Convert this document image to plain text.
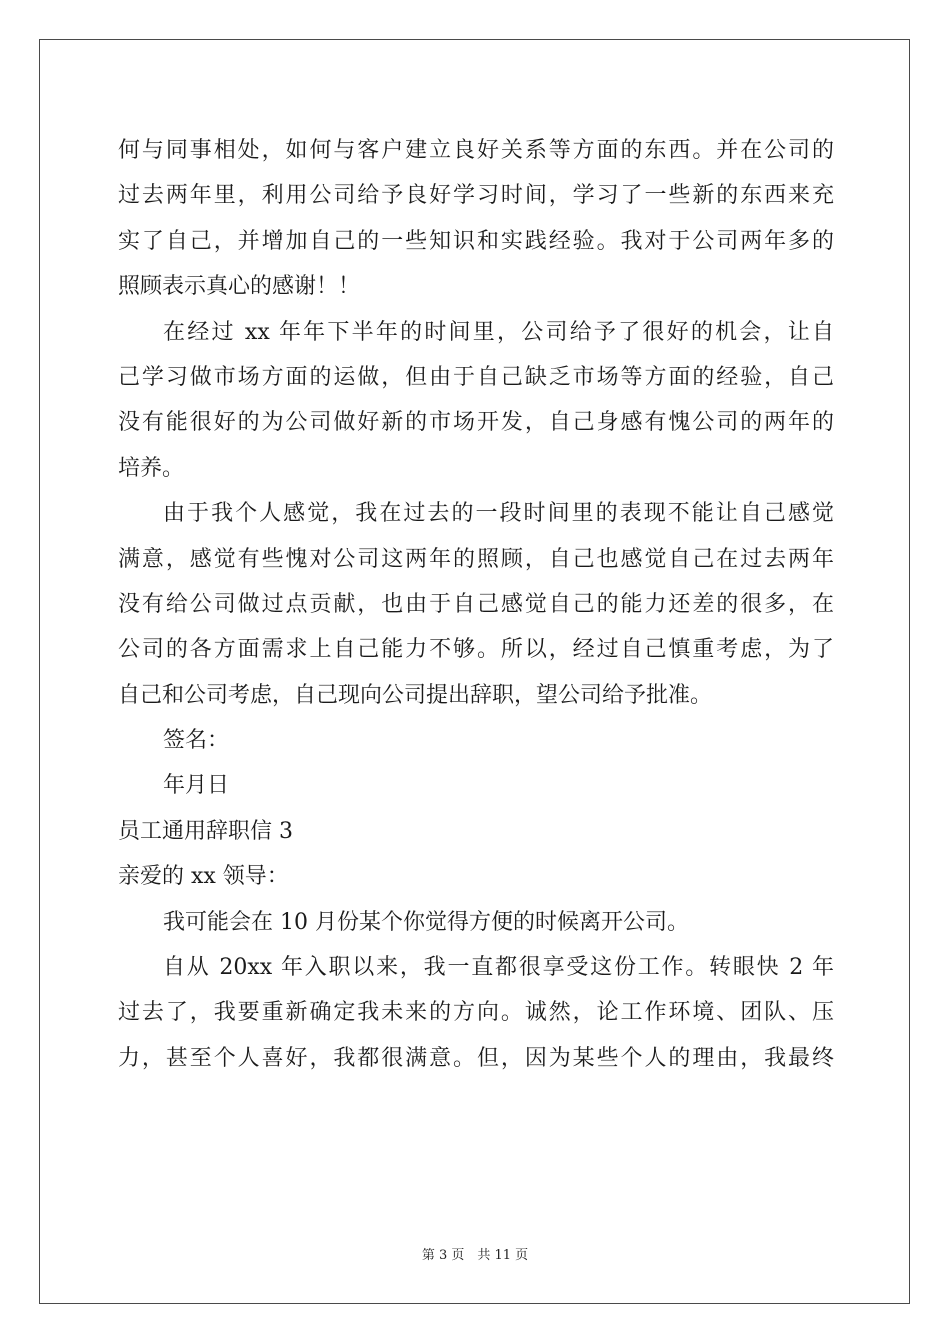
何与同事相处，如何与客户建立良好关系等方面的东西。并在公司的
过去两年里，利用公司给予良好学习时间，学习了一些新的东西来充
实了自己，并增加自己的一些知识和实践经验。我对于公司两年多的
照顾表示真心的感谢！！
在经过 xx 年年下半年的时间里，公司给予了很好的机会，让自
己学习做市场方面的运做，但由于自己缺乏市场等方面的经验，自己
没有能很好的为公司做好新的市场开发，自己身感有愧公司的两年的
培养。
由于我个人感觉，我在过去的一段时间里的表现不能让自己感觉
满意，感觉有些愧对公司这两年的照顾，自己也感觉自己在过去两年
没有给公司做过点贡献，也由于自己感觉自己的能力还差的很多，在
公司的各方面需求上自己能力不够。所以，经过自己慎重考虑，为了
自己和公司考虑，自己现向公司提出辞职，望公司给予批准。
签名：
年月日
员工通用辞职信 3
亲爱的 xx 领导：
我可能会在 10 月份某个你觉得方便的时候离开公司。
自从 20xx 年入职以来，我一直都很享受这份工作。转眼快 2 年
过去了，我要重新确定我未来的方向。诚然，论工作环境、团队、压
力，甚至个人喜好，我都很满意。但，因为某些个人的理由，我最终
第 3 页　共 11 页
